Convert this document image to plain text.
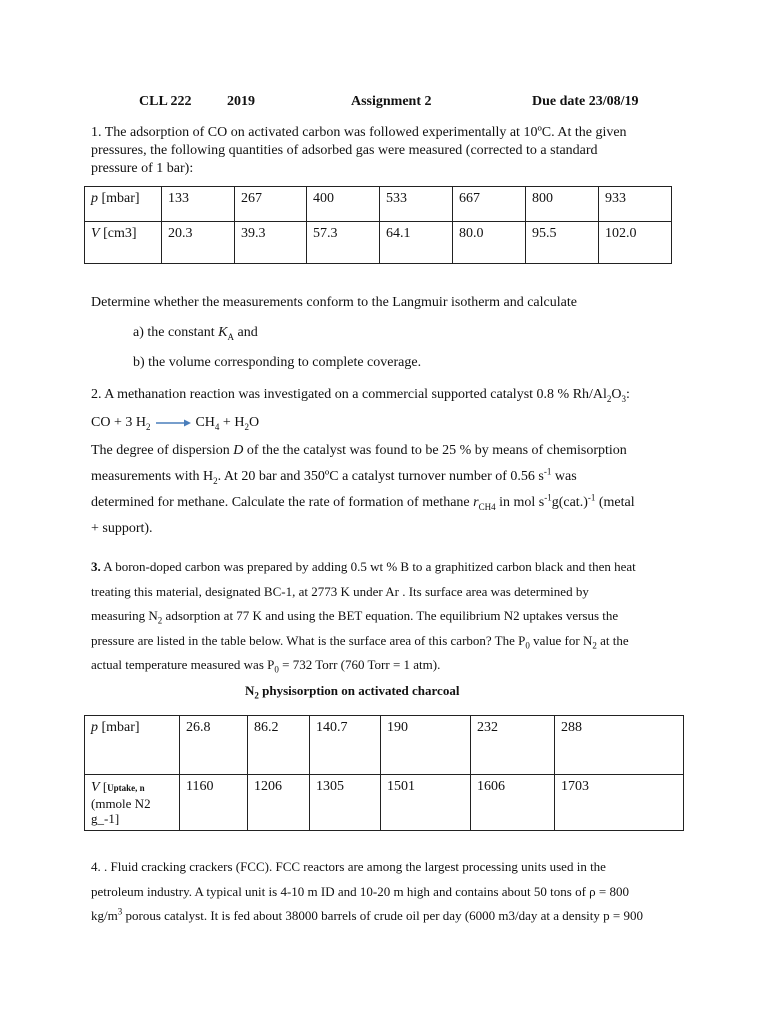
CLL 222	2019	Assignment 2	Due date 23/08/19
1. The adsorption of CO on activated carbon was followed experimentally at 10ºC. At the given
pressures, the following quantities of adsorbed gas were measured (corrected to a standard
pressure of 1 bar):
p [mbar]	133	267	400	533	667	800	933
V [cm3]	20.3	39.3	57.3	64.1	80.0	95.5	102.0
Determine whether the measurements conform to the Langmuir isotherm and calculate
a) the constant $K_A$ and
b) the volume corresponding to complete coverage.
2. A methanation reaction was investigated on a commercial supported catalyst 0.8 % $Rh/Al_2O_3$:
CO + 3 $H_2 \to CH_4 + H_2O$
The degree of dispersion D of the the catalyst was found to be 25 % by means of chemisorption
measurements with $H_2$. At 20 bar and 350ºC a catalyst turnover number of 0.56 $s^{-1}$ was
determined for methane. Calculate the rate of formation of methane $r_{CH4}$ in mol $s^{-1}g(cat.)^{-1}$ (metal
+ support).
3. A boron-doped carbon was prepared by adding 0.5 wt % B to a graphitized carbon black and then heat
treating this material, designated BC-1, at 2773 K under Ar . Its surface area was determined by
measuring $N_2$ adsorption at 77 K and using the BET equation. The equilibrium N2 uptakes versus the
pressure are listed in the table below. What is the surface area of this carbon? The $P_0$ value for $N_2$ at the
actual temperature measured was $P_0 = 732$ Torr (760 Torr = 1 atm).
$N_2$ physisorption on activated charcoal
p [mbar]	26.8	86.2	140.7	190	232	288

V [Uptake, n
(mmole N2
g_-1]	1160	1206	1305	1501	1606	1703
4. . Fluid cracking crackers (FCC). FCC reactors are among the largest processing units used in the
petroleum industry. A typical unit is 4-10 m ID and 10-20 m high and contains about 50 tons of ρ = 800
$kg/m^3$ porous catalyst. It is fed about 38000 barrels of crude oil per day (6000 m3/day at a density p = 900
